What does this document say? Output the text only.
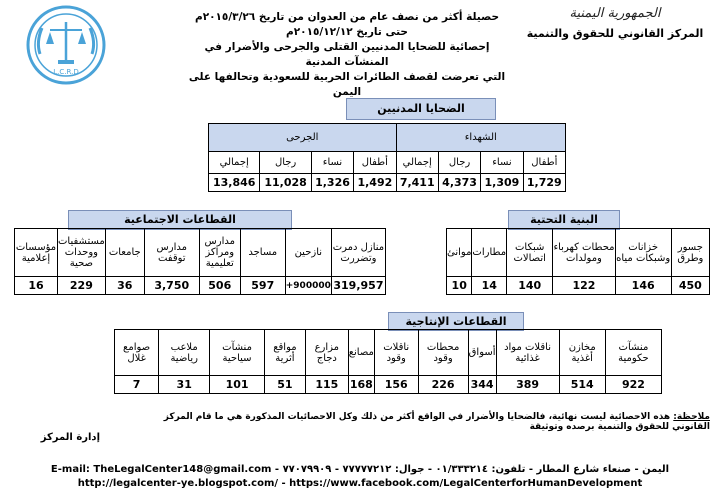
L.C.R.D
حصيلة أكثر من نصف عام من العدوان من تاريخ ٢٠١٥/٣/٢٦م حتى تاريخ ٢٠١٥/١٢/١٢م
إحصائية للضحايا المدنيين القتلى والجرحى والأضرار في المنشآت المدنية
التي تعرضت لقصف الطائرات الحربية للسعودية وتحالفها على اليمن
الجمهورية اليمنية
المركز القانوني للحقوق والتنمية
الضحايا المدنيين
الجرحى				الشهداء			
إجمالي	رجال	نساء	أطفال	إجمالي	رجال	نساء	أطفال
13,846	11,028	1,326	1,492	7,411	4,373	1,309	1,729
القطاعات الاجتماعية
مؤسسات إعلامية	مستشفيات ووحدات صحية	جامعات	مدارس توقفت	مدارس ومراكز تعليمية	مساجد	نازحين	منازل دمرت وتضررت
16	229	36	3,750	506	597	900000+	319,957
البنية التحتية
موانئ	مطارات	شبكات اتصالات	محطات كهرباء ومولدات	خزانات وشبكات مياه	جسور وطرق
10	14	140	122	146	450
القطاعات الإنتاجية
صوامع غلال	ملاعب رياضية	منشآت سياحية	مواقع أثرية	مزارع دجاج	مصانع	ناقلات وقود	محطات وقود	أسواق	ناقلات مواد غذائية	مخازن أغذية	منشآت حكومية
7	31	101	51	115	168	156	226	344	389	514	922
ملاحظة: هذه الاحصائية ليست نهائية، فالضحايا والأضرار في الواقع أكثر من ذلك وكل الاحصائيات المذكورة هي ما قام المركز القانوني للحقوق والتنمية برصده وتوثيقة
إدارة المركز
اليمن - صنعاء شارع المطار - تلفون: ٠١/٣٣٣٢١٤ - جوال: ٧٧٧٧٧٢١٢ - ٧٧٠٧٩٩٠٩ - E-mail: TheLegalCenter148@gmail.com
http://legalcenter-ye.blogspot.com/ - https://www.facebook.com/LegalCenterforHumanDevelopment
